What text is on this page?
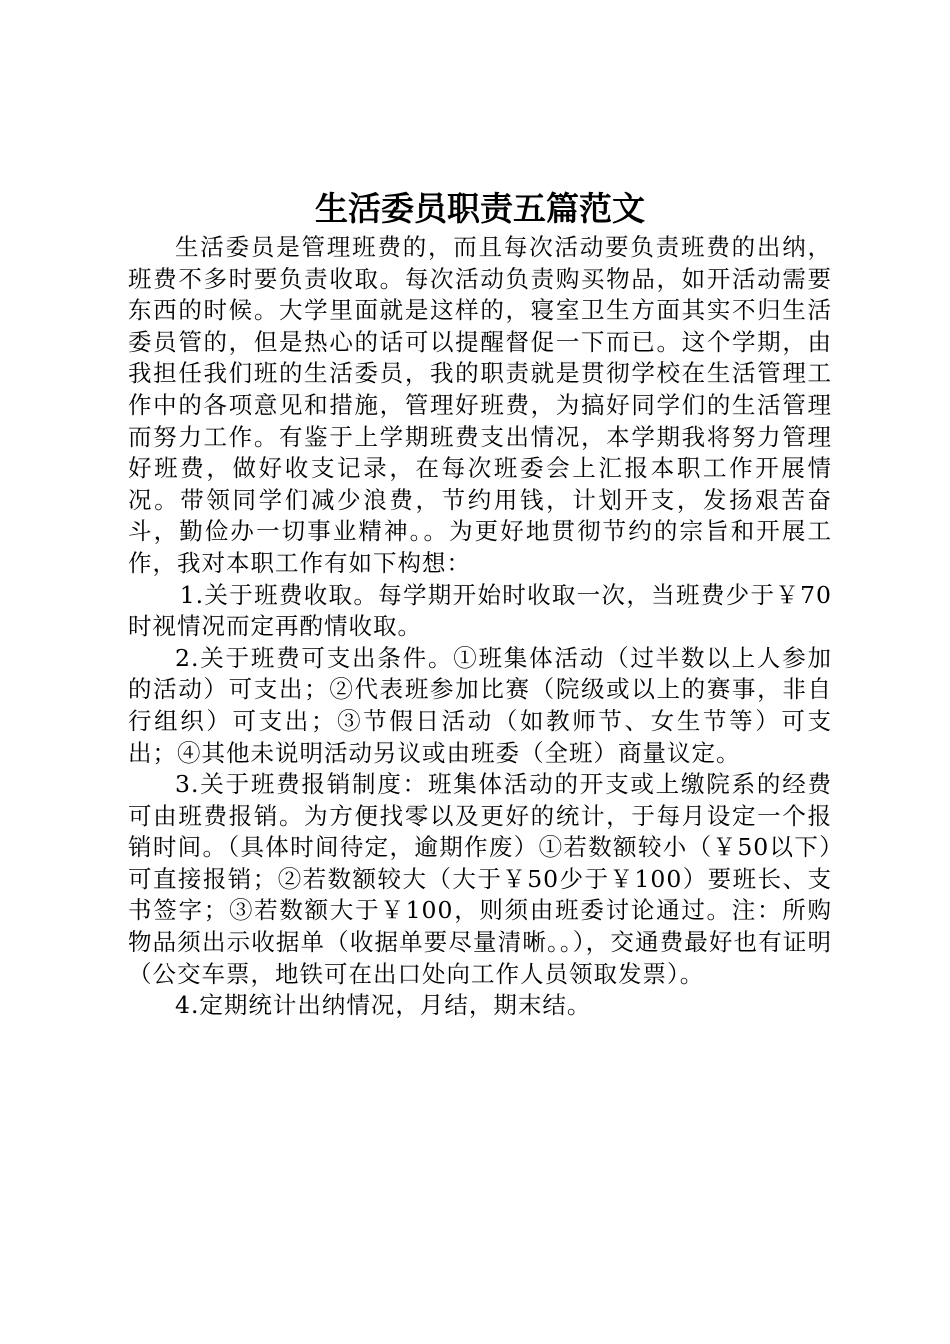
生活委员职责五篇范文

生活委员是管理班费的，而且每次活动要负责班费的出纳，班费不多时要负责收取。每次活动负责购买物品，如开活动需要东西的时候。大学里面就是这样的，寝室卫生方面其实不归生活委员管的，但是热心的话可以提醒督促一下而已。这个学期，由我担任我们班的生活委员，我的职责就是贯彻学校在生活管理工作中的各项意见和措施，管理好班费，为搞好同学们的生活管理而努力工作。有鉴于上学期班费支出情况，本学期我将努力管理好班费，做好收支记录，在每次班委会上汇报本职工作开展情况。带领同学们减少浪费，节约用钱，计划开支，发扬艰苦奋斗，勤俭办一切事业精神。。为更好地贯彻节约的宗旨和开展工作，我对本职工作有如下构想：

1.关于班费收取。每学期开始时收取一次，当班费少于￥70时视情况而定再酌情收取。

2.关于班费可支出条件。①班集体活动（过半数以上人参加的活动）可支出；②代表班参加比赛（院级或以上的赛事，非自行组织）可支出；③节假日活动（如教师节、女生节等）可支出；④其他未说明活动另议或由班委（全班）商量议定。

3.关于班费报销制度：班集体活动的开支或上缴院系的经费可由班费报销。为方便找零以及更好的统计，于每月设定一个报销时间。（具体时间待定，逾期作废）①若数额较小（￥50以下）可直接报销；②若数额较大（大于￥50少于￥100）要班长、支书签字；③若数额大于￥100，则须由班委讨论通过。注：所购物品须出示收据单（收据单要尽量清晰。。），交通费最好也有证明（公交车票，地铁可在出口处向工作人员领取发票）。

4.定期统计出纳情况，月结，期末结。
